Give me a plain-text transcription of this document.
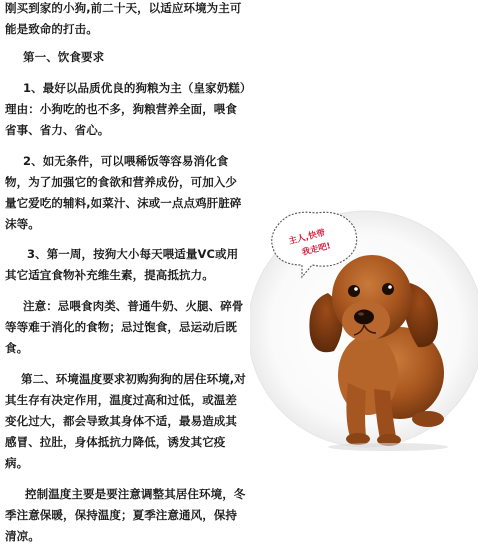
刚买到家的小狗,前二十天，以适应环境为主可能是致命的打击。

第一、饮食要求

1、最好以品质优良的狗粮为主（皇家奶糕）理由：小狗吃的也不多，狗粮营养全面，喂食省事、省力、省心。

2、如无条件，可以喂稀饭等容易消化食物，为了加强它的食欲和营养成份，可加入少量它爱吃的辅料,如菜汁、沫或一点点鸡肝脏碎沫等。

3、第一周，按狗大小每天喂适量VC或用其它适宜食物补充维生素，提高抵抗力。

注意：忌喂食肉类、普通牛奶、火腿、碎骨等等难于消化的食物；忌过饱食，忌运动后既食。

第二、环境温度要求初购狗狗的居住环境,对其生存有决定作用，温度过高和过低，或温差变化过大，都会导致其身体不适，最易造成其感冒、拉肚，身体抵抗力降低，诱发其它疫病。

控制温度主要是要注意调整其居住环境，冬季注意保暖，保持温度；夏季注意通风，保持清凉。

主人,快带
我走吧!
